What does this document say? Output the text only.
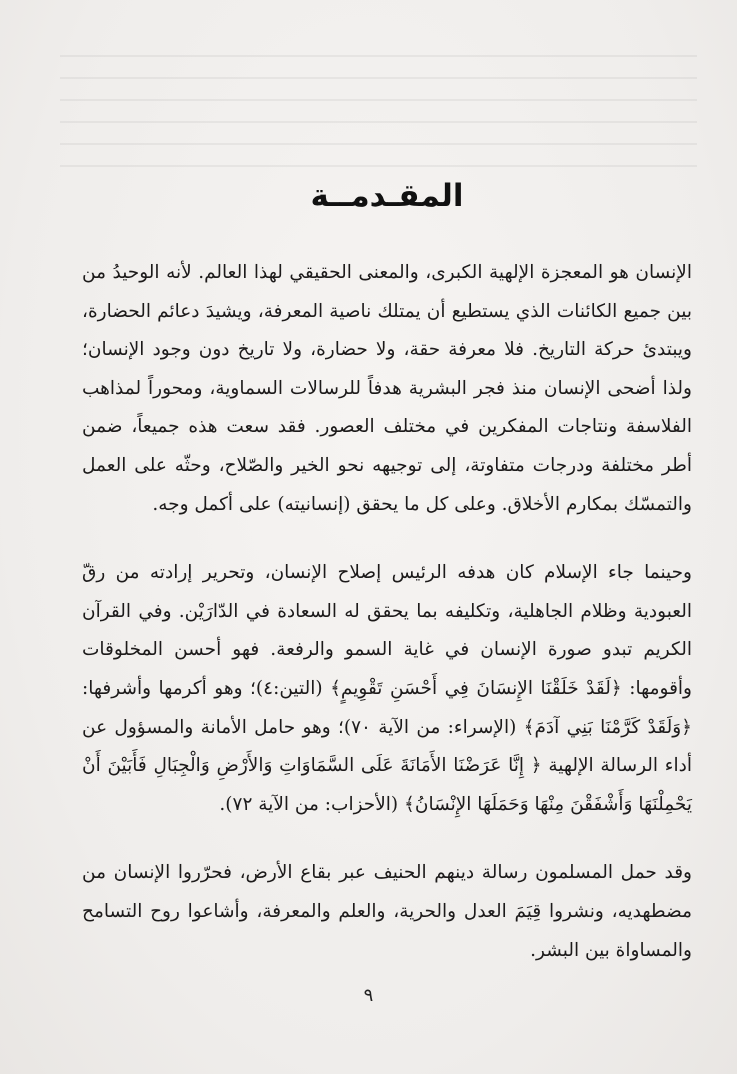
المقـدمــة

الإنسان هو المعجزة الإلهية الكبرى، والمعنى الحقيقي لهذا العالم. لأنه الوحيدُ من بين جميع الكائنات الذي يستطيع أن يمتلك ناصية المعرفة، ويشيدَ دعائم الحضارة، ويبتدئ حركة التاريخ. فلا معرفة حقة، ولا حضارة، ولا تاريخ دون وجود الإنسان؛ ولذا أضحى الإنسان منذ فجر البشرية هدفاً للرسالات السماوية، ومحوراً لمذاهب الفلاسفة ونتاجات المفكرين في مختلف العصور. فقد سعت هذه جميعاً، ضمن أطر مختلفة ودرجات متفاوتة، إلى توجيهه نحو الخير والصّلاح، وحثّه على العمل والتمسّك بمكارم الأخلاق. وعلى كل ما يحقق (إنسانيته) على أكمل وجه.

وحينما جاء الإسلام كان هدفه الرئيس إصلاح الإنسان، وتحرير إرادته من رقّ العبودية وظلام الجاهلية، وتكليفه بما يحقق له السعادة في الدّارَيْن. وفي القرآن الكريم تبدو صورة الإنسان في غاية السمو والرفعة. فهو أحسن المخلوقات وأقومها: ﴿لَقَدْ خَلَقْنَا الإِنسَانَ فِي أَحْسَنِ تَقْوِيمٍ﴾ (التين:٤)؛ وهو أكرمها وأشرفها: ﴿وَلَقَدْ كَرَّمْنَا بَنِي آدَمَ﴾ (الإسراء: من الآية ٧٠)؛ وهو حامل الأمانة والمسؤول عن أداء الرسالة الإلهية ﴿ إِنَّا عَرَضْنَا الأَمَانَةَ عَلَى السَّمَاوَاتِ وَالأَرْضِ وَالْجِبَالِ فَأَبَيْنَ أَنْ يَحْمِلْنَهَا وَأَشْفَقْنَ مِنْهَا وَحَمَلَهَا الإِنْسَانُ﴾ (الأحزاب: من الآية ٧٢).

وقد حمل المسلمون رسالة دينهم الحنيف عبر بقاع الأرض، فحرّروا الإنسان من مضطهديه، ونشروا قِيَمَ العدل والحرية، والعلم والمعرفة، وأشاعوا روح التسامح والمساواة بين البشر.

٩
